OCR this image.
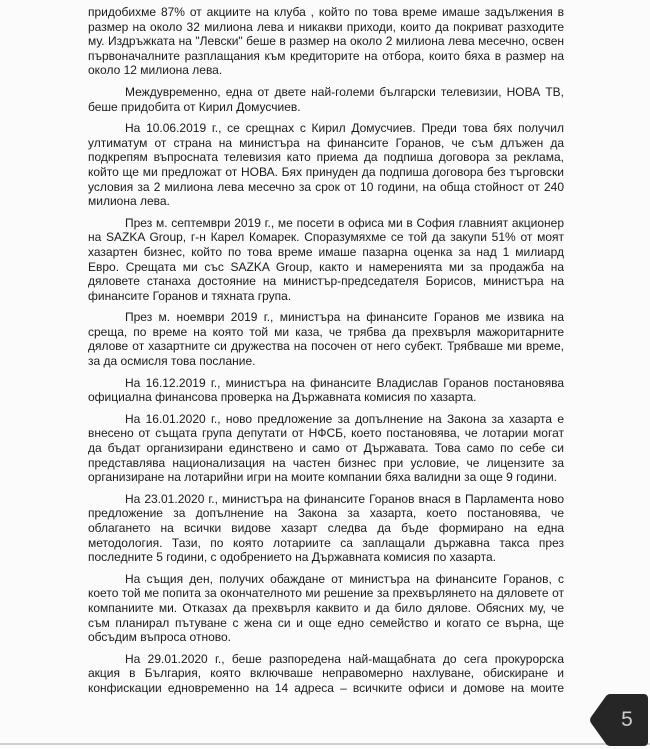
придобихме 87% от акциите на клуба , който по това време имаше задължения в размер на около 32 милиона лева и никакви приходи, които да покриват разходите му. Издръжката на "Левски" беше в размер на около 2 милиона лева месечно, освен първоначалните разплащания към кредиторите на отбора, които бяха в размер на около 12 милиона лева.

Междувременно, една от двете най-големи български телевизии, НОВА ТВ, беше придобита от Кирил Домусчиев.

На 10.06.2019 г., се срещнах с Кирил Домусчиев. Преди това бях получил ултиматум от страна на министъра на финансите Горанов, че съм длъжен да подкрепям въпросната телевизия като приема да подпиша договора за реклама, който ще ми предложат от НОВА. Бях принуден да подпиша договора без търговски условия за 2 милиона лева месечно за срок от 10 години, на обща стойност от 240 милиона лева.

През м. септември 2019 г., ме посети в офиса ми в София главният акционер на SAZKA Group, г-н Карел Комарек. Споразумяхме се той да закупи 51% от моят хазартен бизнес, който по това време имаше пазарна оценка за над 1 милиард Евро. Срещата ми със SAZKA Group, както и намеренията ми за продажба на дяловете станаха достояние на министър-председателя Борисов, министъра на финансите Горанов и тяхната група.

През м. ноември 2019 г., министъра на финансите Горанов ме извика на среща, по време на която той ми каза, че трябва да прехвърля мажоритарните дялове от хазартните си дружества на посочен от него субект. Трябваше ми време, за да осмисля това послание.

На 16.12.2019 г., министъра на финансите Владислав Горанов постановява официална финансова проверка на Държавната комисия по хазарта.

На 16.01.2020 г., ново предложение за допълнение на Закона за хазарта е внесено от същата група депутати от НФСБ, което постановява, че лотарии могат да бъдат организирани единствено и само от Държавата. Това само по себе си представлява национализация на частен бизнес при условие, че лицензите за организиране на лотарийни игри на моите компании бяха валидни за още 9 години.

На 23.01.2020 г., министъра на финансите Горанов внася в Парламента ново предложение за допълнение на Закона за хазарта, което постановява, че облагането на всички видове хазарт следва да бъде формирано на една методология. Тази, по която лотариите са заплащали държавна такса през последните 5 години, с одобрението на Държавната комисия по хазарта.

На същия ден, получих обаждане от министъра на финансите Горанов, с което той ме попита за окончателното ми решение за прехвърлянето на дяловете от компаниите ми. Отказах да прехвърля каквито и да било дялове. Обясних му, че съм планирал пътуване с жена си и още едно семейство и когато се върна, ще обсъдим въпроса отново.

На 29.01.2020 г., беше разпоредена най-мащабната до сега прокурорска акция в България, която включваше неправомерно нахлуване, обискиране и конфискации едновременно на 14 адреса – всичките офиси и домове на моите

5
